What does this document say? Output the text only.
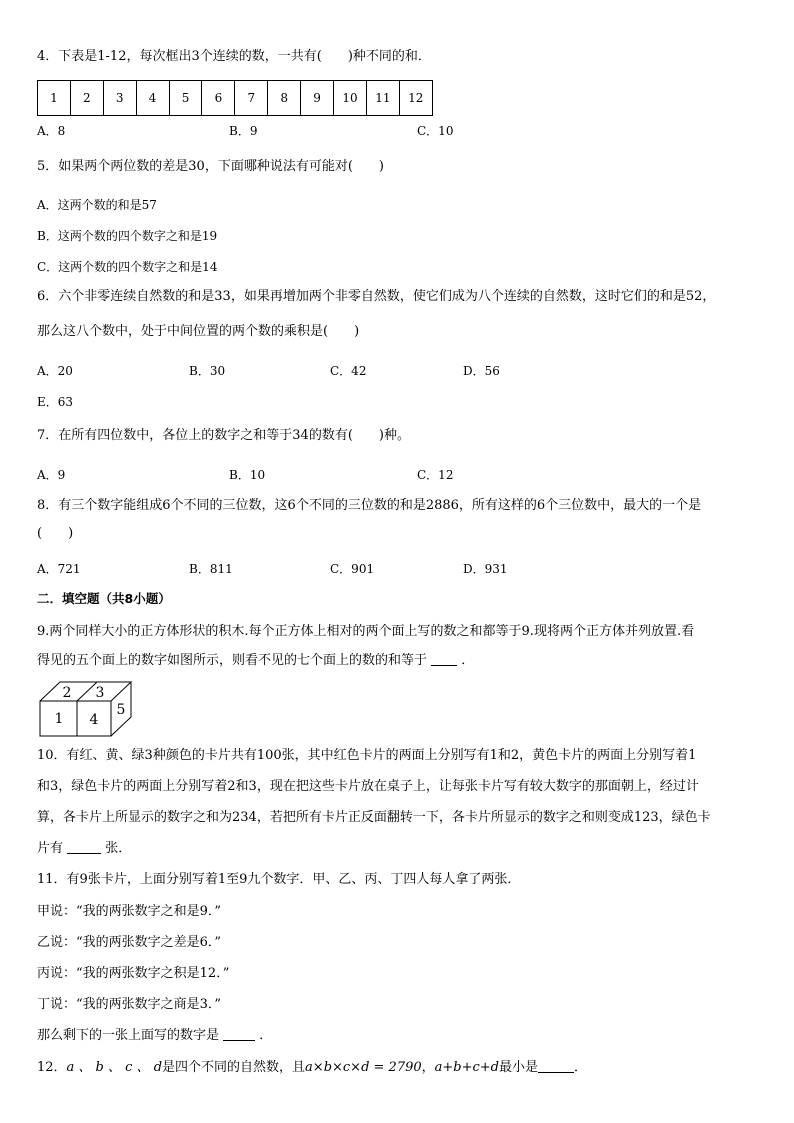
4．下表是1-12，每次框出3个连续的数，一共有(　　)种不同的和．
1	2	3	4	5	6	7	8	9	10	11	12
A．8	B．9	C．10
5．如果两个两位数的差是30，下面哪种说法有可能对(　　)
A．这两个数的和是57
B．这两个数的四个数字之和是19
C．这两个数的四个数字之和是14
6．六个非零连续自然数的和是33，如果再增加两个非零自然数，使它们成为八个连续的自然数，这时它们的和是52，
那么这八个数中，处于中间位置的两个数的乘积是(　　)
A．20	B．30	C．42	D．56
E．63
7．在所有四位数中，各位上的数字之和等于34的数有(　　)种。
A．9	B．10	C．12
8．有三个数字能组成6个不同的三位数，这6个不同的三位数的和是2886，所有这样的6个三位数中，最大的一个是
(　　)
A．721	B．811	C．901	D．931
二．填空题（共8小题）
9.两个同样大小的正方体形状的积木.每个正方体上相对的两个面上写的数之和都等于9.现将两个正方体并列放置.看
得见的五个面上的数字如图所示，则看不见的七个面上的数的和等于	．
2 3
1 4
5
10．有红、黄、绿3种颜色的卡片共有100张，其中红色卡片的两面上分别写有1和2，黄色卡片的两面上分别写着1
和3，绿色卡片的两面上分别写着2和3，现在把这些卡片放在桌子上，让每张卡片写有较大数字的那面朝上，经过计
算，各卡片上所显示的数字之和为234，若把所有卡片正反面翻转一下，各卡片所显示的数字之和则变成123，绿色卡
片有	张．
11．有9张卡片，上面分别写着1至9九个数字．甲、乙、丙、丁四人每人拿了两张．
甲说：“我的两张数字之和是9．”
乙说：“我的两张数字之差是6．”
丙说：“我的两张数字之积是12．”
丁说：“我的两张数字之商是3．”
那么剩下的一张上面写的数字是	．
12．a 、 b 、 c 、 d是四个不同的自然数，且a×b×c×d = 2790，a+b+c+d最小是	．
